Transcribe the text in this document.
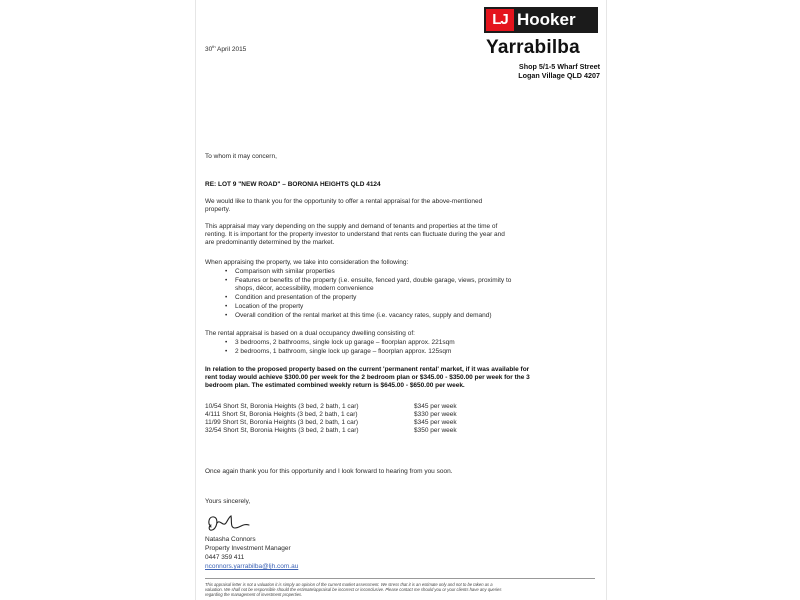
LJ Hooker
Yarrabilba
Shop 5/1-5 Wharf Street
Logan Village QLD 4207
30th April 2015
To whom it may concern,
RE: LOT 9 "NEW ROAD" – BORONIA HEIGHTS QLD 4124
We would like to thank you for the opportunity to offer a rental appraisal for the above-mentioned
property.
This appraisal may vary depending on the supply and demand of tenants and properties at the time of
renting. It is important for the property investor to understand that rents can fluctuate during the year and
are predominantly determined by the market.
When appraising the property, we take into consideration the following:
• Comparison with similar properties
• Features or benefits of the property (i.e. ensuite, fenced yard, double garage, views, proximity to
shops, décor, accessibility, modern convenience
• Condition and presentation of the property
• Location of the property
• Overall condition of the rental market at this time (i.e. vacancy rates, supply and demand)
The rental appraisal is based on a dual occupancy dwelling consisting of:
• 3 bedrooms, 2 bathrooms, single lock up garage – floorplan approx. 221sqm
• 2 bedrooms, 1 bathroom, single lock up garage – floorplan approx. 125sqm
In relation to the proposed property based on the current 'permanent rental' market, if it was available for
rent today would achieve $300.00 per week for the 2 bedroom plan or $345.00 - $350.00 per week for the 3
bedroom plan. The estimated combined weekly return is $645.00 - $650.00 per week.
10/54 Short St, Boronia Heights (3 bed, 2 bath, 1 car)	$345 per week
4/111 Short St, Boronia Heights (3 bed, 2 bath, 1 car)	$330 per week
11/99 Short St, Boronia Heights (3 bed, 2 bath, 1 car)	$345 per week
32/54 Short St, Boronia Heights (3 bed, 2 bath, 1 car)	$350 per week
Once again thank you for this opportunity and I look forward to hearing from you soon.
Yours sincerely,
Natasha Connors
Property Investment Manager
0447 359 411
nconnors.yarrabilba@ljh.com.au
This appraisal letter is not a valuation it is simply an opinion of the current market assessment. We stress that it is an estimate only and not to be taken as a
valuation. We shall not be responsible should the estimate/appraisal be incorrect or inconclusive. Please contact me should you or your clients have any queries
regarding the management of investment properties.
